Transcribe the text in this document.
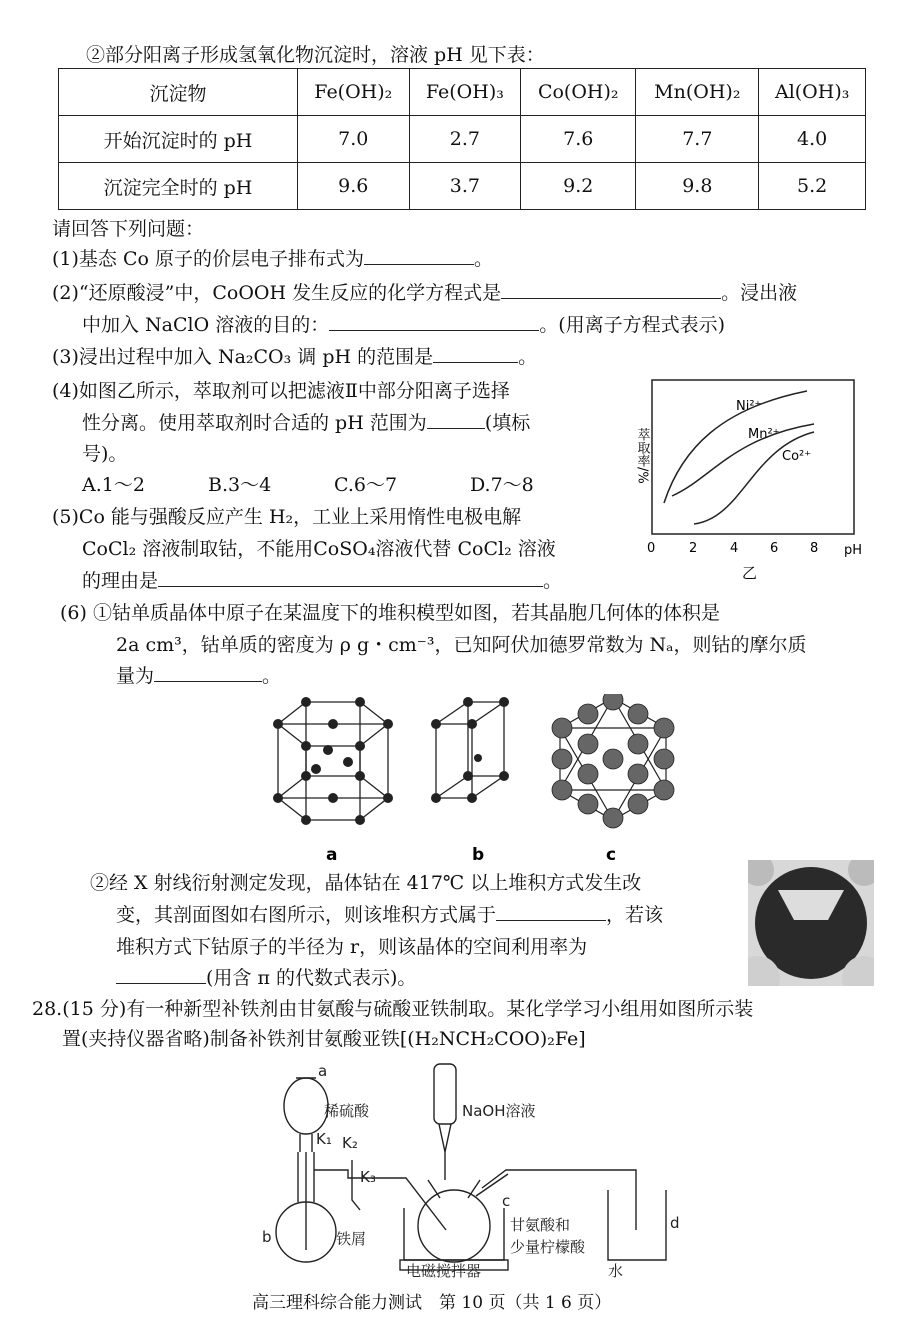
②部分阳离子形成氢氧化物沉淀时，溶液 pH 见下表：
沉淀物	Fe(OH)₂	Fe(OH)₃	Co(OH)₂	Mn(OH)₂	Al(OH)₃
开始沉淀时的 pH	7.0	2.7	7.6	7.7	4.0
沉淀完全时的 pH	9.6	3.7	9.2	9.8	5.2
请回答下列问题：
(1)基态 Co 原子的价层电子排布式为	。
(2)“还原酸浸”中，CoOOH 发生反应的化学方程式是	。浸出液
中加入 NaClO 溶液的目的：	。(用离子方程式表示)
(3)浸出过程中加入 Na₂CO₃ 调 pH 的范围是	。
(4)如图乙所示，萃取剂可以把滤液Ⅱ中部分阳离子选择
性分离。使用萃取剂时合适的 pH 范围为	(填标
号)。
A.1～2	B.3～4	C.6～7	D.7～8
(5)Co 能与强酸反应产生 H₂，工业上采用惰性电极电解
CoCl₂ 溶液制取钴，不能用CoSO₄溶液代替 CoCl₂ 溶液
的理由是	。
Ni²⁺
Mn²⁺
Co²⁺
萃取率/%
0	2	4 6 8 pH
乙
(6) ①钴单质晶体中原子在某温度下的堆积模型如图，若其晶胞几何体的体积是
2a cm³，钴单质的密度为 ρ g・cm⁻³，已知阿伏加德罗常数为 Nₐ，则钴的摩尔质
量为	。
a	b	c
②经 X 射线衍射测定发现，晶体钴在 417℃ 以上堆积方式发生改
变，其剖面图如右图所示，则该堆积方式属于	，若该
堆积方式下钴原子的半径为 r，则该晶体的空间利用率为
(用含 π 的代数式表示)。
28.(15 分)有一种新型补铁剂由甘氨酸与硫酸亚铁制取。某化学学习小组用如图所示装
置(夹持仪器省略)制备补铁剂甘氨酸亚铁[(H₂NCH₂COO)₂Fe]
a
稀硫酸
K₁ K₂
K₃
b	铁屑
NaOH溶液
c
甘氨酸和
少量柠檬酸
d
电磁搅拌器	水
高三理科综合能力测试　第 10 页（共 1 6 页）
